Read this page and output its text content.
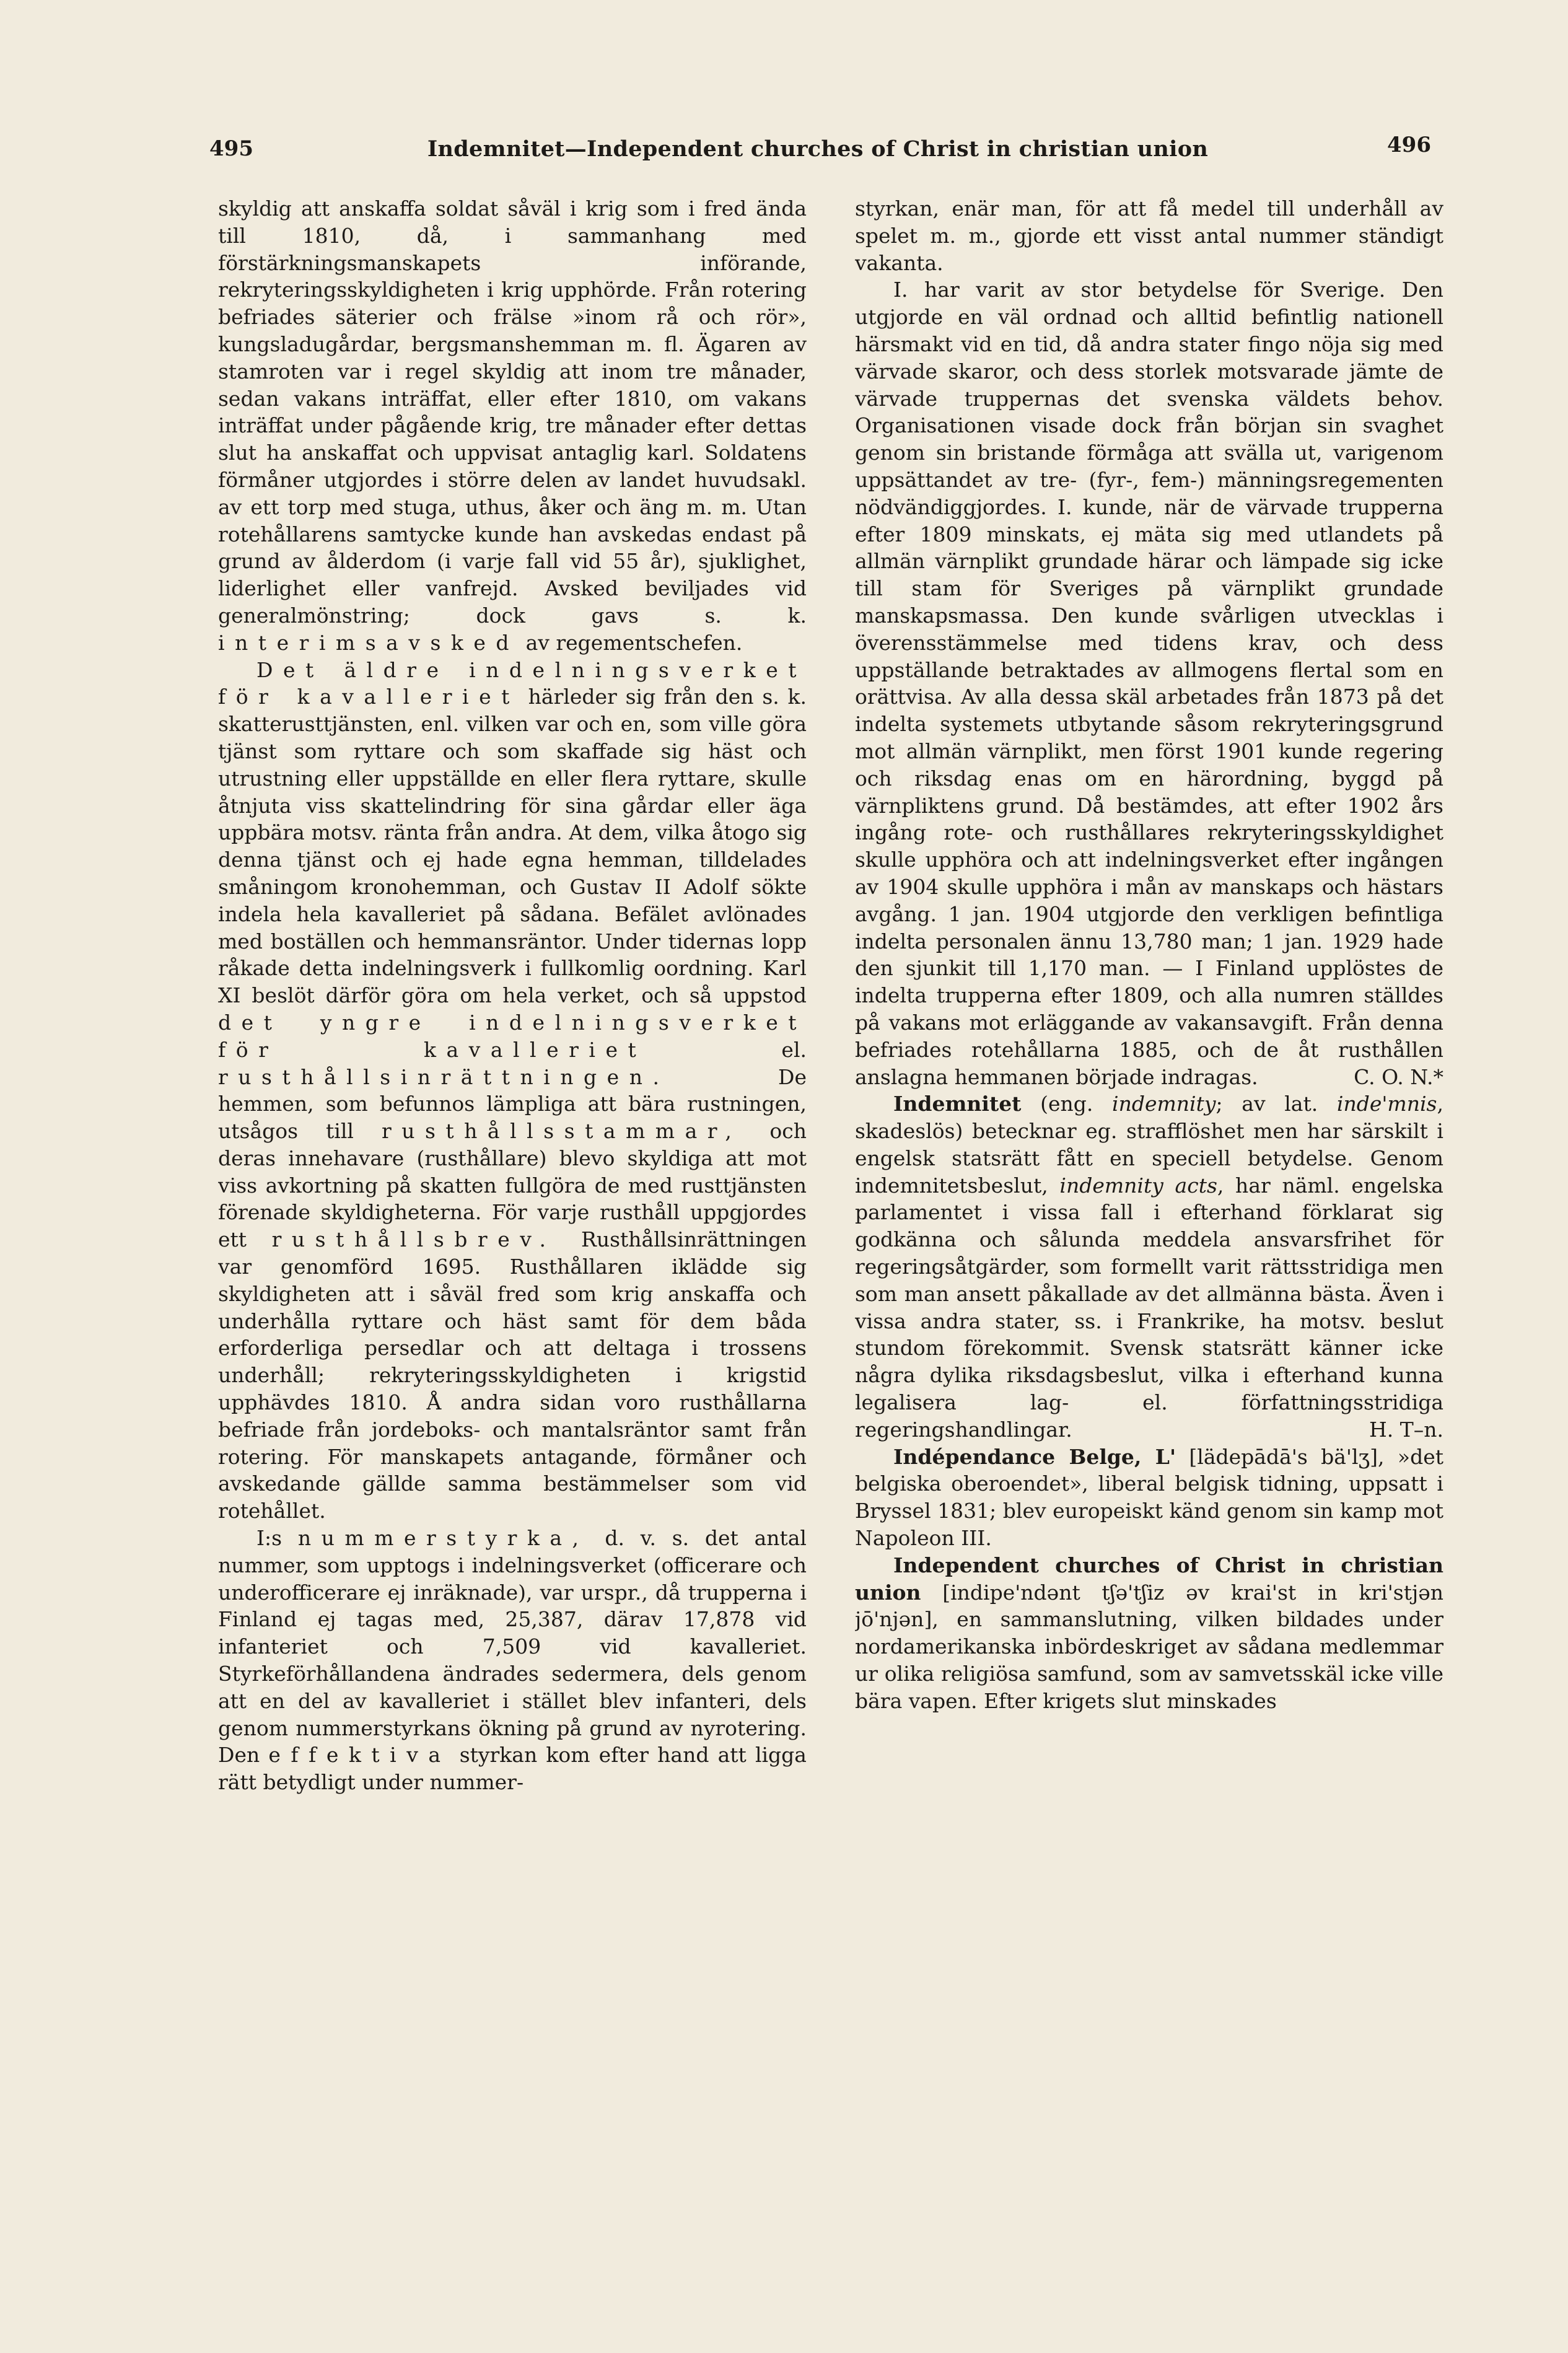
495	Indemnitet—Independent churches of Christ in christian union	496

skyldig att anskaffa soldat såväl i krig som i fred ända till 1810, då, i sammanhang med förstärkningsmanskapets införande, rekryteringsskyldigheten i krig upphörde. Från rotering befriades säterier och frälse »inom rå och rör», kungsladugårdar, bergsmanshemman m. fl. Ägaren av stamroten var i regel skyldig att inom tre månader, sedan vakans inträffat, eller efter 1810, om vakans inträffat under pågående krig, tre månader efter dettas slut ha anskaffat och uppvisat antaglig karl. Soldatens förmåner utgjordes i större delen av landet huvudsakl. av ett torp med stuga, uthus, åker och äng m. m. Utan rotehållarens samtycke kunde han avskedas endast på grund av ålderdom (i varje fall vid 55 år), sjuklighet, liderlighet eller vanfrejd. Avsked beviljades vid generalmönstring; dock gavs s. k. interimsavsked av regementschefen.

Det äldre indelningsverket för kavalleriet härleder sig från den s. k. skatterusttjänsten, enl. vilken var och en, som ville göra tjänst som ryttare och som skaffade sig häst och utrustning eller uppställde en eller flera ryttare, skulle åtnjuta viss skattelindring för sina gårdar eller äga uppbära motsv. ränta från andra. At dem, vilka åtogo sig denna tjänst och ej hade egna hemman, tilldelades småningom kronohemman, och Gustav II Adolf sökte indela hela kavalleriet på sådana. Befälet avlönades med boställen och hemmansräntor. Under tidernas lopp råkade detta indelningsverk i fullkomlig oordning. Karl XI beslöt därför göra om hela verket, och så uppstod det yngre indelningsverket för kavalleriet	el. rusthållsinrättningen.	De hemmen, som befunnos lämpliga att bära rustningen, utsågos till rusthållsstammar, och deras innehavare (rusthållare) blevo skyldiga att mot viss avkortning på skatten fullgöra de med rusttjänsten förenade skyldigheterna. För varje rusthåll uppgjordes ett rusthållsbrev. Rusthållsinrättningen var genomförd 1695. Rusthållaren ikläddе sig skyldigheten att i såväl fred som krig anskaffa och underhålla ryttare och häst samt för dem båda erforderliga persedlar och att deltaga i trossens underhåll; rekryteringsskyldigheten i krigstid upphävdes 1810. Å andra sidan voro rusthållarna befriade från jordeboks- och mantalsräntor samt från rotering. För manskapets antagande, förmåner och avskedande gällde samma bestämmelser som vid rotehållet.

I:s nummerstyrka, d. v. s. det antal nummer, som upptogs i indelningsverket (officerare och underofficerare ej inräknade), var urspr., då trupperna i Finland ej tagas med, 25,387, därav 17,878 vid infanteriet och 7,509 vid kavalleriet. Styrkeförhållandena ändrades sedermera, dels genom att en del av kavalleriet i stället blev infanteri, dels genom nummerstyrkans ökning på grund av nyrotering. Den effektiva styrkan kom efter hand att ligga rätt betydligt under nummer-

styrkan, enär man, för att få medel till underhåll av spelet m. m., gjorde ett visst antal nummer ständigt vakanta.

I. har varit av stor betydelse för Sverige. Den utgjorde en väl ordnad och alltid befintlig nationell härsmakt vid en tid, då andra stater fingo nöja sig med värvade skaror, och dess storlek motsvarade jämte de värvade truppernas det svenska väldets behov. Organisationen visade dock från början sin svaghet genom sin bristande förmåga att svälla ut, varigenom uppsättandet av tre- (fyr-, fem-) männingsregementen nödvändiggjordes. I. kunde, när de värvade trupperna efter 1809 minskats, ej mäta sig med utlandets på allmän värnplikt grundade härar och lämpade sig icke till stam för Sveriges på värnplikt grundade manskapsmassa. Den kunde svårligen utvecklas i överensstämmelse med tidens krav, och dess uppställande betraktades av allmogens flertal som en orättvisa. Av alla dessa skäl arbetades från 1873 på det indelta systemets utbytande såsom rekryteringsgrund mot allmän värnplikt, men först 1901 kunde regering och riksdag enas om en härordning, byggd på värnpliktens grund. Då bestämdes, att efter 1902 års ingång rote- och rusthållares rekryteringsskyldighet skulle upphöra och att indelningsverket efter ingången av 1904 skulle upphöra i mån av manskaps och hästars avgång. 1 jan. 1904 utgjorde den verkligen befintliga indelta personalen ännu 13,780 man; 1 jan. 1929 hade den sjunkit till 1,170 man. — I Finland upplöstes de indelta trupperna efter 1809, och alla numren ställdes på vakans mot erläggande av vakansavgift. Från denna befriades rotehållarna 1885, och de åt rusthållen anslagna hemmanen började indragas.	C. O. N.*

Indemnitet (eng. indemnity; av lat. inde'mnis, skadeslös) betecknar eg. strafflöshet men har särskilt i engelsk statsrätt fått en speciell betydelse. Genom indemnitetsbeslut, indemnity acts, har näml. engelska parlamentet i vissa fall i efterhand förklarat sig godkänna och sålunda meddela ansvarsfrihet för regeringsåtgärder, som formellt varit rättsstridiga men som man ansett påkallade av det allmänna bästa. Även i vissa andra stater, ss. i Frankrike, ha motsv. beslut stundom förekommit. Svensk statsrätt känner icke några dylika riksdagsbeslut, vilka i efterhand kunna legalisera lag- el. författningsstridiga regeringshandlingar.	H. T–n.

Indépendance Belge, L' [lädepādā's bä'lʒ], »det belgiska oberoendet», liberal belgisk tidning, uppsatt i Bryssel 1831; blev europeiskt känd genom sin kamp mot Napoleon III.

Independent churches of Christ in christian union [indipe'ndənt tʃə'tʃiz əv krai'st in kri'stjən jō'njən], en sammanslutning, vilken bildades under nordamerikanska inbördeskriget av sådana medlemmar ur olika religiösa samfund, som av samvetsskäl icke ville bära vapen. Efter krigets slut minskades
